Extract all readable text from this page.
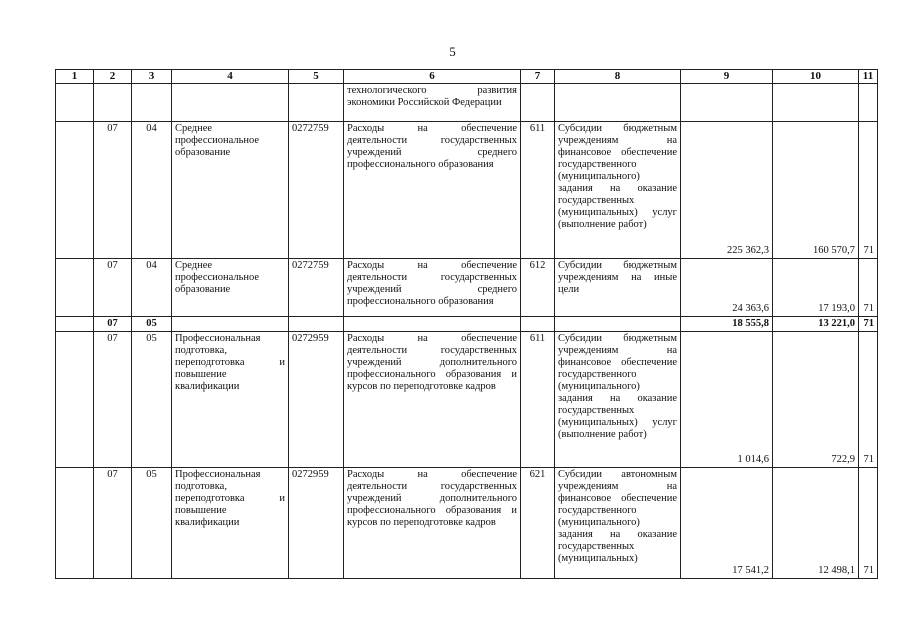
5
1	2	3	4	5	6	7	8	9	10	11
					технологического развития экономики Российской Федерации					
	07	04	Среднее профессиональное образование	0272759	Расходы на обеспечение деятельности государственных учреждений среднего профессионального образования	611	Субсидии бюджетным учреждениям на финансовое обеспечение государственного (муниципального) задания на оказание государственных (муниципальных) услуг (выполнение работ)	225 362,3	160 570,7	71
	07	04	Среднее профессиональное образование	0272759	Расходы на обеспечение деятельности государственных учреждений среднего профессионального образования	612	Субсидии бюджетным учреждениям на иные цели	24 363,6	17 193,0	71
	07	05						18 555,8	13 221,0	71
	07	05	Профессиональная подготовка, переподготовка и повышение квалификации	0272959	Расходы на обеспечение деятельности государственных учреждений дополнительного профессионального образования и курсов по переподготовке кадров	611	Субсидии бюджетным учреждениям на финансовое обеспечение государственного (муниципального) задания на оказание государственных (муниципальных) услуг (выполнение работ)	1 014,6	722,9	71
	07	05	Профессиональная подготовка, переподготовка и повышение квалификации	0272959	Расходы на обеспечение деятельности государственных учреждений дополнительного профессионального образования и курсов по переподготовке кадров	621	Субсидии автономным учреждениям на финансовое обеспечение государственного (муниципального) задания на оказание государственных (муниципальных)	17 541,2	12 498,1	71
